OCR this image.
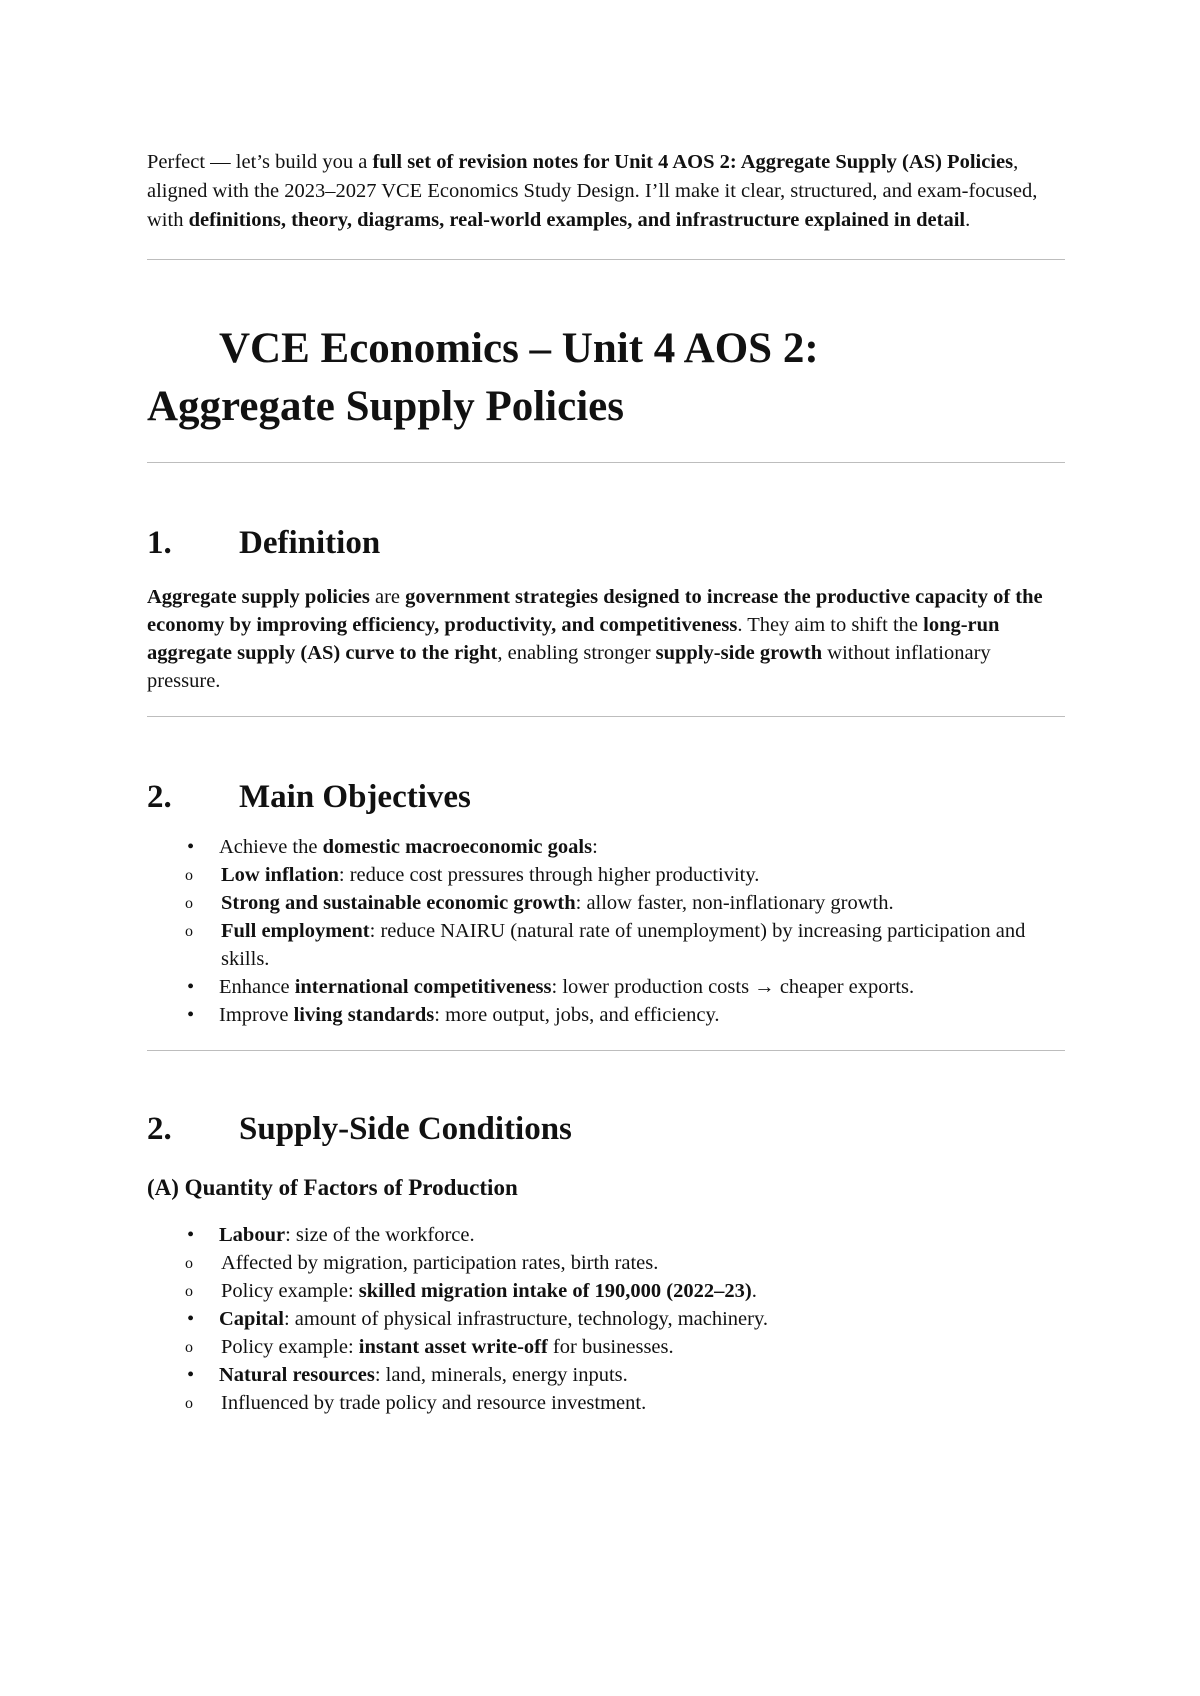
Perfect — let’s build you a full set of revision notes for Unit 4 AOS 2: Aggregate Supply (AS) Policies, aligned with the 2023–2027 VCE Economics Study Design. I’ll make it clear, structured, and exam-focused, with definitions, theory, diagrams, real-world examples, and infrastructure explained in detail.

VCE Economics – Unit 4 AOS 2:
Aggregate Supply Policies
1. Definition

Aggregate supply policies are government strategies designed to increase the productive capacity of the economy by improving efficiency, productivity, and competitiveness. They aim to shift the long-run aggregate supply (AS) curve to the right, enabling stronger supply-side growth without inflationary pressure.

2. Main Objectives
• Achieve the domestic macroeconomic goals:
o Low inflation: reduce cost pressures through higher productivity.
o Strong and sustainable economic growth: allow faster, non-inflationary growth.
o Full employment: reduce NAIRU (natural rate of unemployment) by increasing participation and skills.
• Enhance international competitiveness: lower production costs → cheaper exports.
• Improve living standards: more output, jobs, and efficiency.
2. Supply-Side Conditions
(A) Quantity of Factors of Production
• Labour: size of the workforce.
o Affected by migration, participation rates, birth rates.
o Policy example: skilled migration intake of 190,000 (2022–23).
• Capital: amount of physical infrastructure, technology, machinery.
o Policy example: instant asset write-off for businesses.
• Natural resources: land, minerals, energy inputs.
o Influenced by trade policy and resource investment.
